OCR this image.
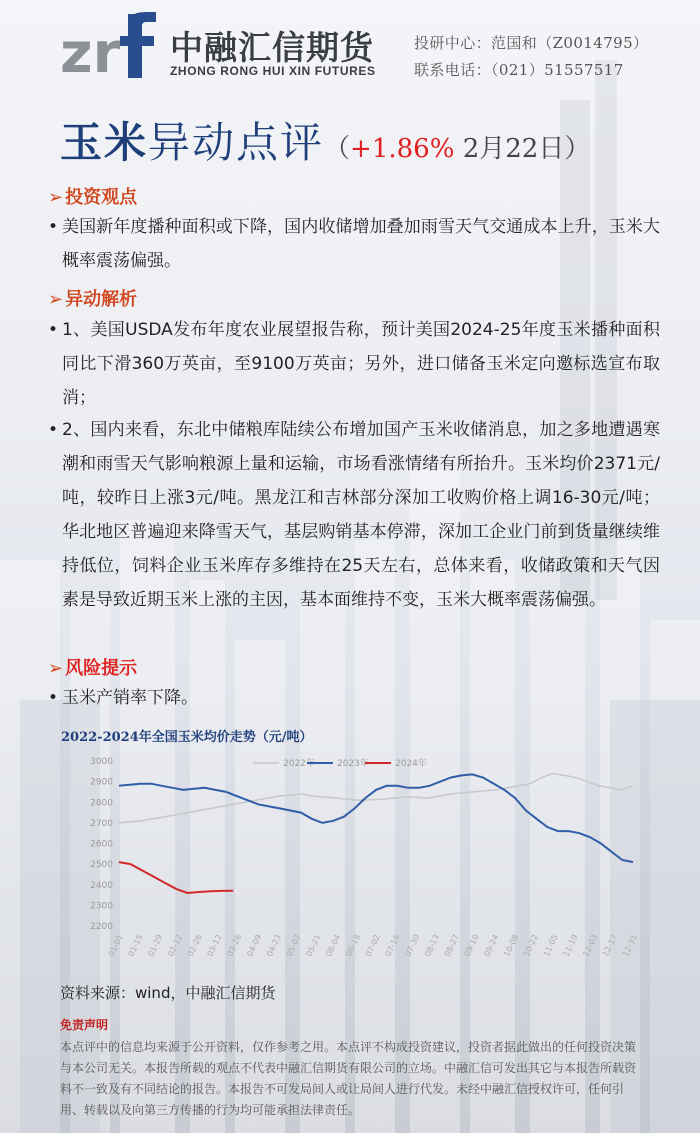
zr 中融汇信期货
ZHONG RONG HUI XIN FUTURES
投研中心：范国和（Z0014795）
联系电话：（021）51557517
玉米异动点评（+1.86% 2月22日）
➢ 投资观点
• 美国新年度播种面积或下降，国内收储增加叠加雨雪天气交通成本上升，玉米大概率震荡偏强。
➢ 异动解析
• 1、美国USDA发布年度农业展望报告称，预计美国2024-25年度玉米播种面积同比下滑360万英亩，至9100万英亩；另外，进口储备玉米定向邀标选宣布取消；
• 2、国内来看，东北中储粮库陆续公布增加国产玉米收储消息，加之多地遭遇寒潮和雨雪天气影响粮源上量和运输，市场看涨情绪有所抬升。玉米均价2371元/吨，较昨日上涨3元/吨。黑龙江和吉林部分深加工收购价格上调16-30元/吨；华北地区普遍迎来降雪天气，基层购销基本停滞，深加工企业门前到货量继续维持低位，饲料企业玉米库存多维持在25天左右，总体来看，收储政策和天气因素是导致近期玉米上涨的主因，基本面维持不变，玉米大概率震荡偏强。
➢ 风险提示
• 玉米产销率下降。
2022-2024年全国玉米均价走势（元/吨）
2200
2300
2400
2500
2600
2700
2800
2900
3000
01-01 01-15 01-29 02-12 02-26 03-12 03-26 04-09 04-23 05-07 05-21 06-04 06-18 07-02 07-16 07-30 08-13 08-27 09-10 09-24 10-08 10-22 11-05 11-19 12-03 12-17 12-31
2022年 2023年	2024年
资料来源：wind，中融汇信期货
免责声明
本点评中的信息均来源于公开资料，仅作参考之用。本点评不构成投资建议，投资者据此做出的任何投资决策与本公司无关。本报告所载的观点不代表中融汇信期货有限公司的立场。中融汇信可发出其它与本报告所载资料不一致及有不同结论的报告。本报告不可发局间人或让局间人进行代发。未经中融汇信授权许可，任何引用、转载以及向第三方传播的行为均可能承担法律责任。
